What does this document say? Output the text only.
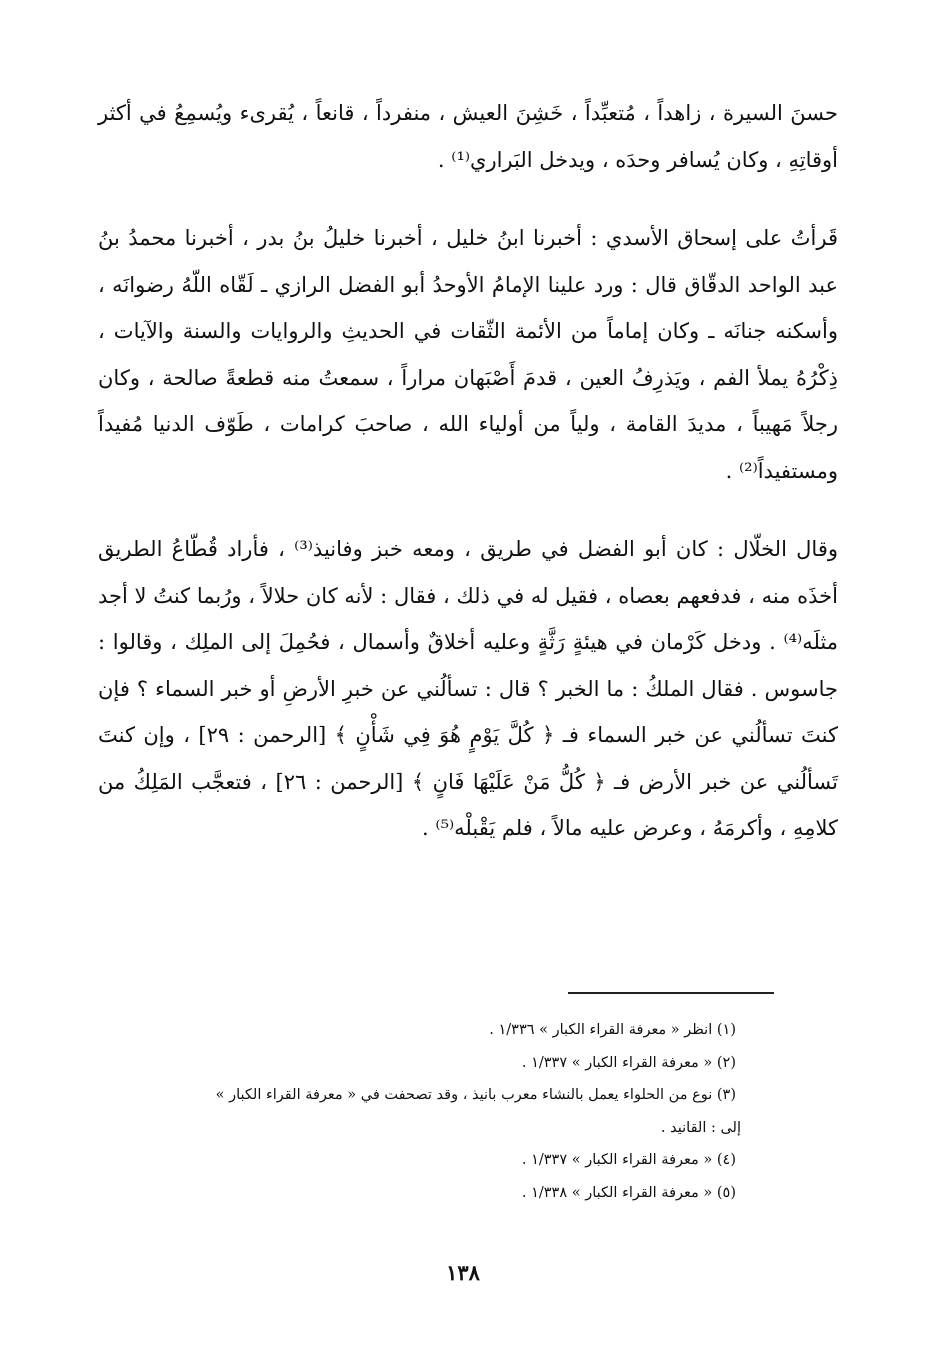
حسنَ السيرة ، زاهداً ، مُتعبِّداً ، خَشِنَ العيش ، منفرداً ، قانعاً ، يُقرىء ويُسمِعُ في أكثر أوقاتِهِ ، وكان يُسافر وحدَه ، ويدخل البَراري⁽¹⁾ .

قَرأتُ على إسحاق الأسدي : أخبرنا ابنُ خليل ، أخبرنا خليلُ بنُ بدر ، أخبرنا محمدُ بنُ عبد الواحد الدقّاق قال : ورد علينا الإمامُ الأوحدُ أبو الفضل الرازي ـ لَقّاه اللّهُ رضوانَه ، وأسكنه جنانَه ـ وكان إماماً من الأئمة الثّقات في الحديثِ والروايات والسنة والآيات ، ذِكْرُهُ يملأ الفم ، ويَذرِفُ العين ، قدمَ أَصْبَهان مراراً ، سمعتُ منه قطعةً صالحة ، وكان رجلاً مَهيباً ، مديدَ القامة ، ولياً من أولياء الله ، صاحبَ كرامات ، طَوّف الدنيا مُفيداً ومستفيداً⁽²⁾ .

وقال الخلّال : كان أبو الفضل في طريق ، ومعه خبز وفانيذ⁽³⁾ ، فأراد قُطّاعُ الطريق أخذَه منه ، فدفعهم بعصاه ، فقيل له في ذلك ، فقال : لأنه كان حلالاً ، ورُبما كنتُ لا أجد مثلَه⁽⁴⁾ . ودخل كَرْمان في هيئةٍ رَثَّةٍ وعليه أخلاقٌ وأسمال ، فحُمِلَ إلى الملِك ، وقالوا : جاسوس . فقال الملكُ : ما الخبر ؟ قال : تسألُني عن خبرِ الأرضِ أو خبر السماء ؟ فإن كنتَ تسألُني عن خبر السماء فـ ﴿ كُلَّ يَوْمٍ هُوَ فِي شَأْنٍ ﴾ [الرحمن : ٢٩] ، وإن كنتَ تَسألُني عن خبر الأرض فـ ﴿ كُلُّ مَنْ عَلَيْهَا فَانٍ ﴾ [الرحمن : ٢٦] ، فتعجَّب المَلِكُ من كلامِهِ ، وأكرمَهُ ، وعرض عليه مالاً ، فلم يَقْبلْه⁽⁵⁾ .

(١) انظر « معرفة القراء الكبار » ١/٣٣٦ .

(٢) « معرفة القراء الكبار » ١/٣٣٧ .

(٣) نوع من الحلواء يعمل بالنشاء معرب بانيذ ، وقد تصحفت في « معرفة القراء الكبار »

إلى : القانيد .

(٤) « معرفة القراء الكبار » ١/٣٣٧ .

(٥) « معرفة القراء الكبار » ١/٣٣٨ .

١٣٨
